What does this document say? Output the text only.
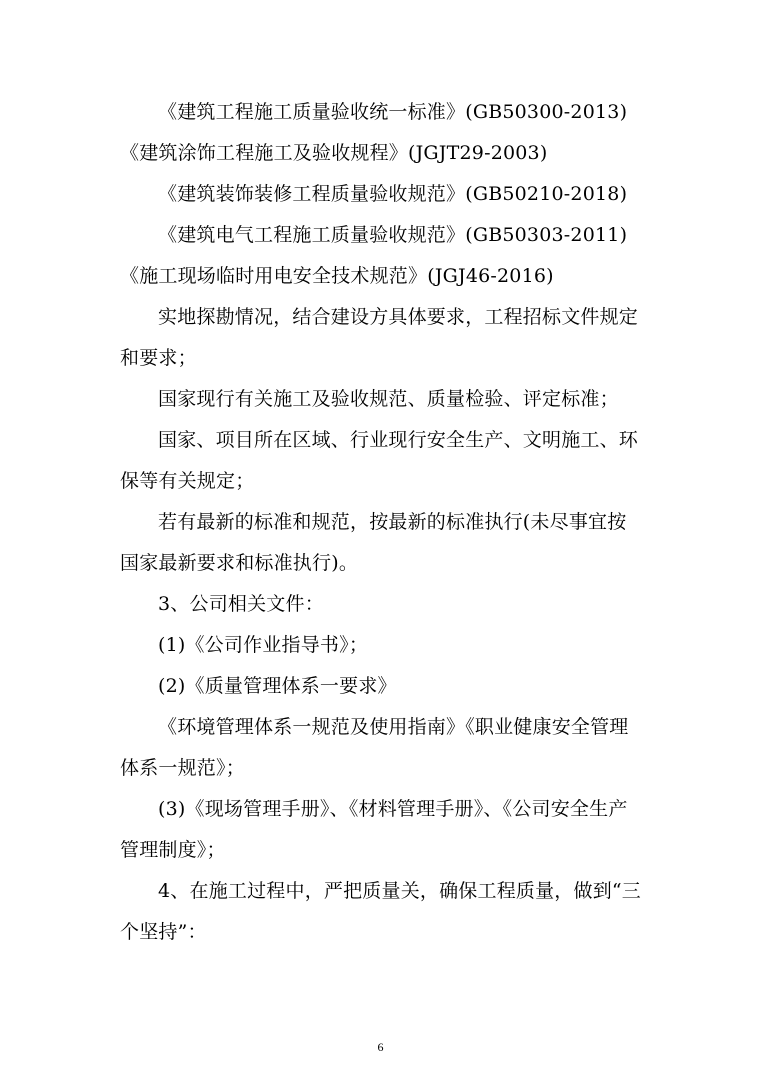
《建筑工程施工质量验收统一标准》(GB50300-2013)《建筑涂饰工程施工及验收规程》(JGJT29-2003)

《建筑装饰装修工程质量验收规范》(GB50210-2018)

《建筑电气工程施工质量验收规范》(GB50303-2011)《施工现场临时用电安全技术规范》(JGJ46-2016)

实地探勘情况，结合建设方具体要求，工程招标文件规定和要求；

国家现行有关施工及验收规范、质量检验、评定标准；

国家、项目所在区域、行业现行安全生产、文明施工、环保等有关规定；

若有最新的标准和规范，按最新的标准执行(未尽事宜按国家最新要求和标准执行)。

3、公司相关文件：

(1)《公司作业指导书》；

(2)《质量管理体系一要求》

《环境管理体系一规范及使用指南》《职业健康安全管理体系一规范》；

(3)《现场管理手册》、《材料管理手册》、《公司安全生产管理制度》；

4、在施工过程中，严把质量关，确保工程质量，做到“三个坚持”：

6
